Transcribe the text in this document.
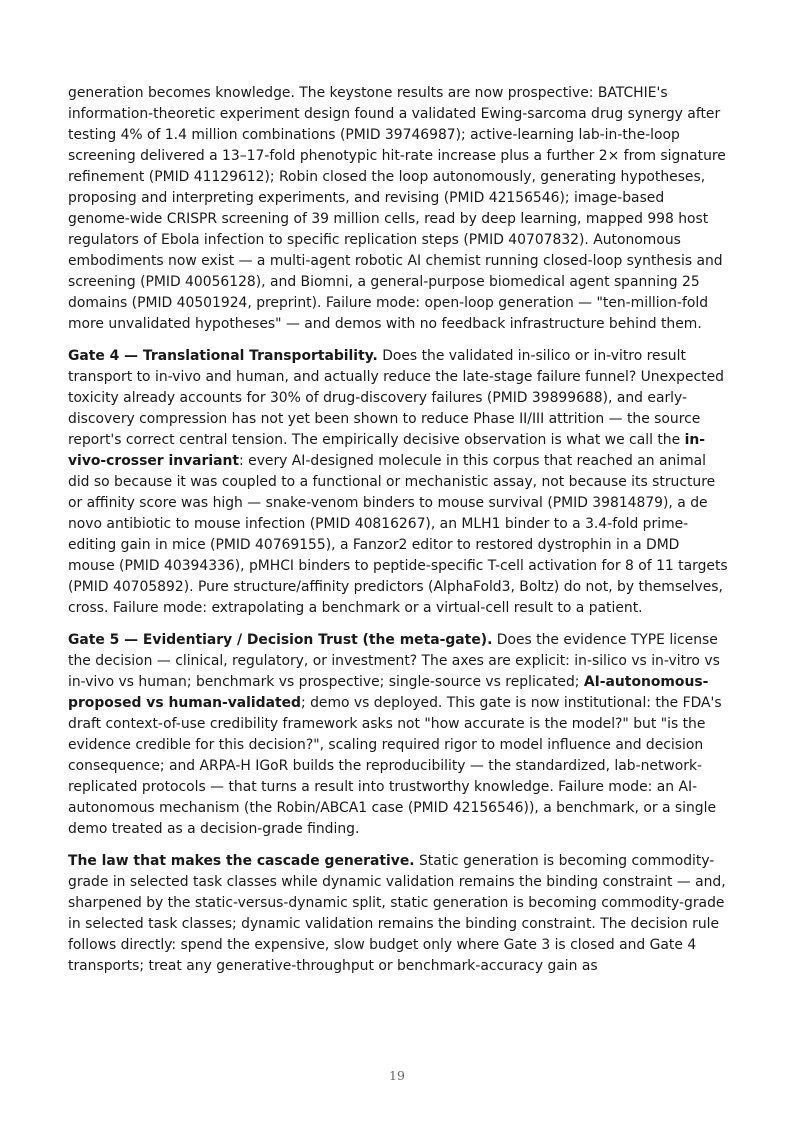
generation becomes knowledge. The keystone results are now prospective: BATCHIE's information-theoretic experiment design found a validated Ewing-sarcoma drug synergy after testing 4% of 1.4 million combinations (PMID 39746987); active-learning lab-in-the-loop screening delivered a 13–17-fold phenotypic hit-rate increase plus a further 2× from signature refinement (PMID 41129612); Robin closed the loop autonomously, generating hypotheses, proposing and interpreting experiments, and revising (PMID 42156546); image-based genome-wide CRISPR screening of 39 million cells, read by deep learning, mapped 998 host regulators of Ebola infection to specific replication steps (PMID 40707832). Autonomous embodiments now exist — a multi-agent robotic AI chemist running closed-loop synthesis and screening (PMID 40056128), and Biomni, a general-purpose biomedical agent spanning 25 domains (PMID 40501924, preprint). Failure mode: open-loop generation — "ten-million-fold more unvalidated hypotheses" — and demos with no feedback infrastructure behind them.

Gate 4 — Translational Transportability. Does the validated in-silico or in-vitro result transport to in-vivo and human, and actually reduce the late-stage failure funnel? Unexpected toxicity already accounts for 30% of drug-discovery failures (PMID 39899688), and early-discovery compression has not yet been shown to reduce Phase II/III attrition — the source report's correct central tension. The empirically decisive observation is what we call the in-vivo-crosser invariant: every AI-designed molecule in this corpus that reached an animal did so because it was coupled to a functional or mechanistic assay, not because its structure or affinity score was high — snake-venom binders to mouse survival (PMID 39814879), a de novo antibiotic to mouse infection (PMID 40816267), an MLH1 binder to a 3.4-fold prime-editing gain in mice (PMID 40769155), a Fanzor2 editor to restored dystrophin in a DMD mouse (PMID 40394336), pMHCI binders to peptide-specific T-cell activation for 8 of 11 targets (PMID 40705892). Pure structure/affinity predictors (AlphaFold3, Boltz) do not, by themselves, cross. Failure mode: extrapolating a benchmark or a virtual-cell result to a patient.

Gate 5 — Evidentiary / Decision Trust (the meta-gate). Does the evidence TYPE license the decision — clinical, regulatory, or investment? The axes are explicit: in-silico vs in-vitro vs in-vivo vs human; benchmark vs prospective; single-source vs replicated; AI-autonomous-proposed vs human-validated; demo vs deployed. This gate is now institutional: the FDA's draft context-of-use credibility framework asks not "how accurate is the model?" but "is the evidence credible for this decision?", scaling required rigor to model influence and decision consequence; and ARPA-H IGoR builds the reproducibility — the standardized, lab-network-replicated protocols — that turns a result into trustworthy knowledge. Failure mode: an AI-autonomous mechanism (the Robin/ABCA1 case (PMID 42156546)), a benchmark, or a single demo treated as a decision-grade finding.

The law that makes the cascade generative. Static generation is becoming commodity-grade in selected task classes while dynamic validation remains the binding constraint — and, sharpened by the static-versus-dynamic split, static generation is becoming commodity-grade in selected task classes; dynamic validation remains the binding constraint. The decision rule follows directly: spend the expensive, slow budget only where Gate 3 is closed and Gate 4 transports; treat any generative-throughput or benchmark-accuracy gain as

19
